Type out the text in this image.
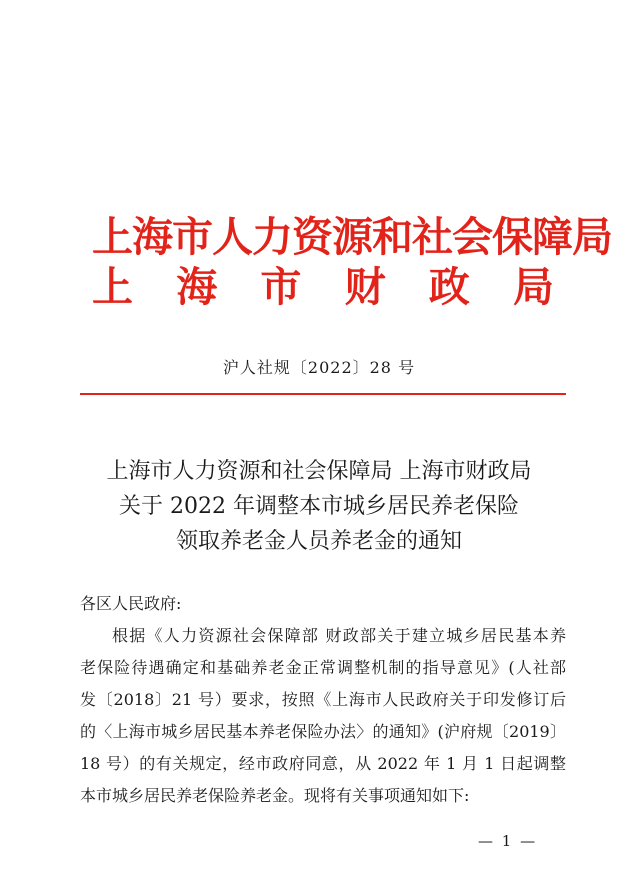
上海市人力资源和社会保障局
上 海 市 财 政 局
沪人社规〔2022〕28 号
上海市人力资源和社会保障局 上海市财政局
关于 2022 年调整本市城乡居民养老保险
领取养老金人员养老金的通知
各区人民政府:
根据《人力资源社会保障部 财政部关于建立城乡居民基本养
老保险待遇确定和基础养老金正常调整机制的指导意见》(人社部
发〔2018〕21 号）要求，按照《上海市人民政府关于印发修订后
的〈上海市城乡居民基本养老保险办法〉的通知》(沪府规〔2019〕
18 号）的有关规定，经市政府同意，从 2022 年 1 月 1 日起调整
本市城乡居民养老保险养老金。现将有关事项通知如下:
— 1 —
